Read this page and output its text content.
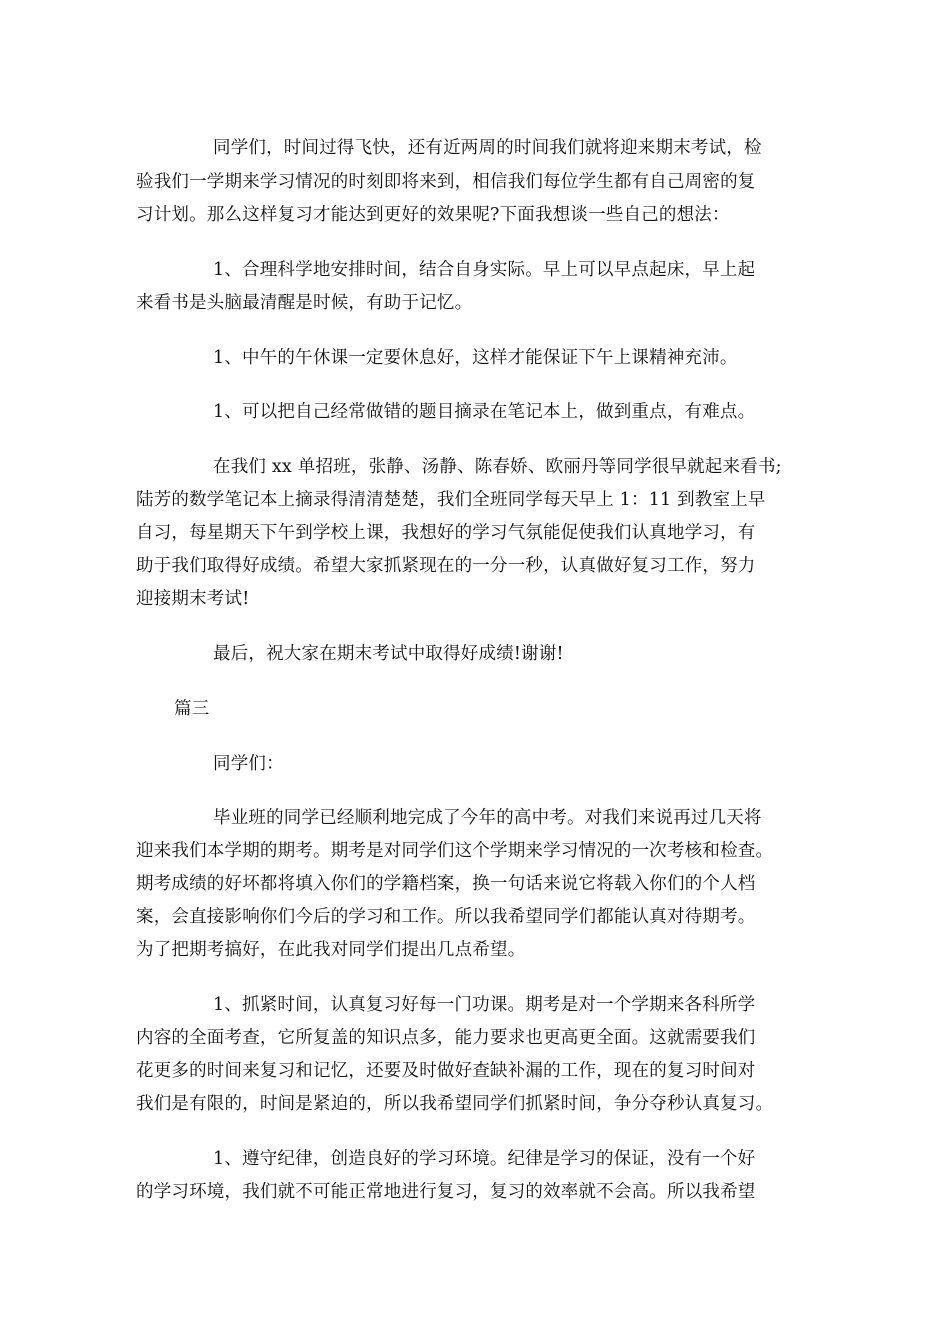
同学们，时间过得飞快，还有近两周的时间我们就将迎来期末考试，检
验我们一学期来学习情况的时刻即将来到，相信我们每位学生都有自己周密的复
习计划。那么这样复习才能达到更好的效果呢?下面我想谈一些自己的想法：
1、合理科学地安排时间，结合自身实际。早上可以早点起床，早上起
来看书是头脑最清醒是时候，有助于记忆。
1、中午的午休课一定要休息好，这样才能保证下午上课精神充沛。
1、可以把自己经常做错的题目摘录在笔记本上，做到重点，有难点。
在我们 xx 单招班，张静、汤静、陈春娇、欧丽丹等同学很早就起来看书;
陆芳的数学笔记本上摘录得清清楚楚，我们全班同学每天早上 1：11 到教室上早
自习，每星期天下午到学校上课，我想好的学习气氛能促使我们认真地学习，有
助于我们取得好成绩。希望大家抓紧现在的一分一秒，认真做好复习工作，努力
迎接期末考试!
最后，祝大家在期末考试中取得好成绩!谢谢!
篇三
同学们：
毕业班的同学已经顺利地完成了今年的高中考。对我们来说再过几天将
迎来我们本学期的期考。期考是对同学们这个学期来学习情况的一次考核和检查。
期考成绩的好坏都将填入你们的学籍档案，换一句话来说它将载入你们的个人档
案，会直接影响你们今后的学习和工作。所以我希望同学们都能认真对待期考。
为了把期考搞好，在此我对同学们提出几点希望。
1、抓紧时间，认真复习好每一门功课。期考是对一个学期来各科所学
内容的全面考查，它所复盖的知识点多，能力要求也更高更全面。这就需要我们
花更多的时间来复习和记忆，还要及时做好查缺补漏的工作，现在的复习时间对
我们是有限的，时间是紧迫的，所以我希望同学们抓紧时间，争分夺秒认真复习。
1、遵守纪律，创造良好的学习环境。纪律是学习的保证，没有一个好
的学习环境，我们就不可能正常地进行复习，复习的效率就不会高。所以我希望
